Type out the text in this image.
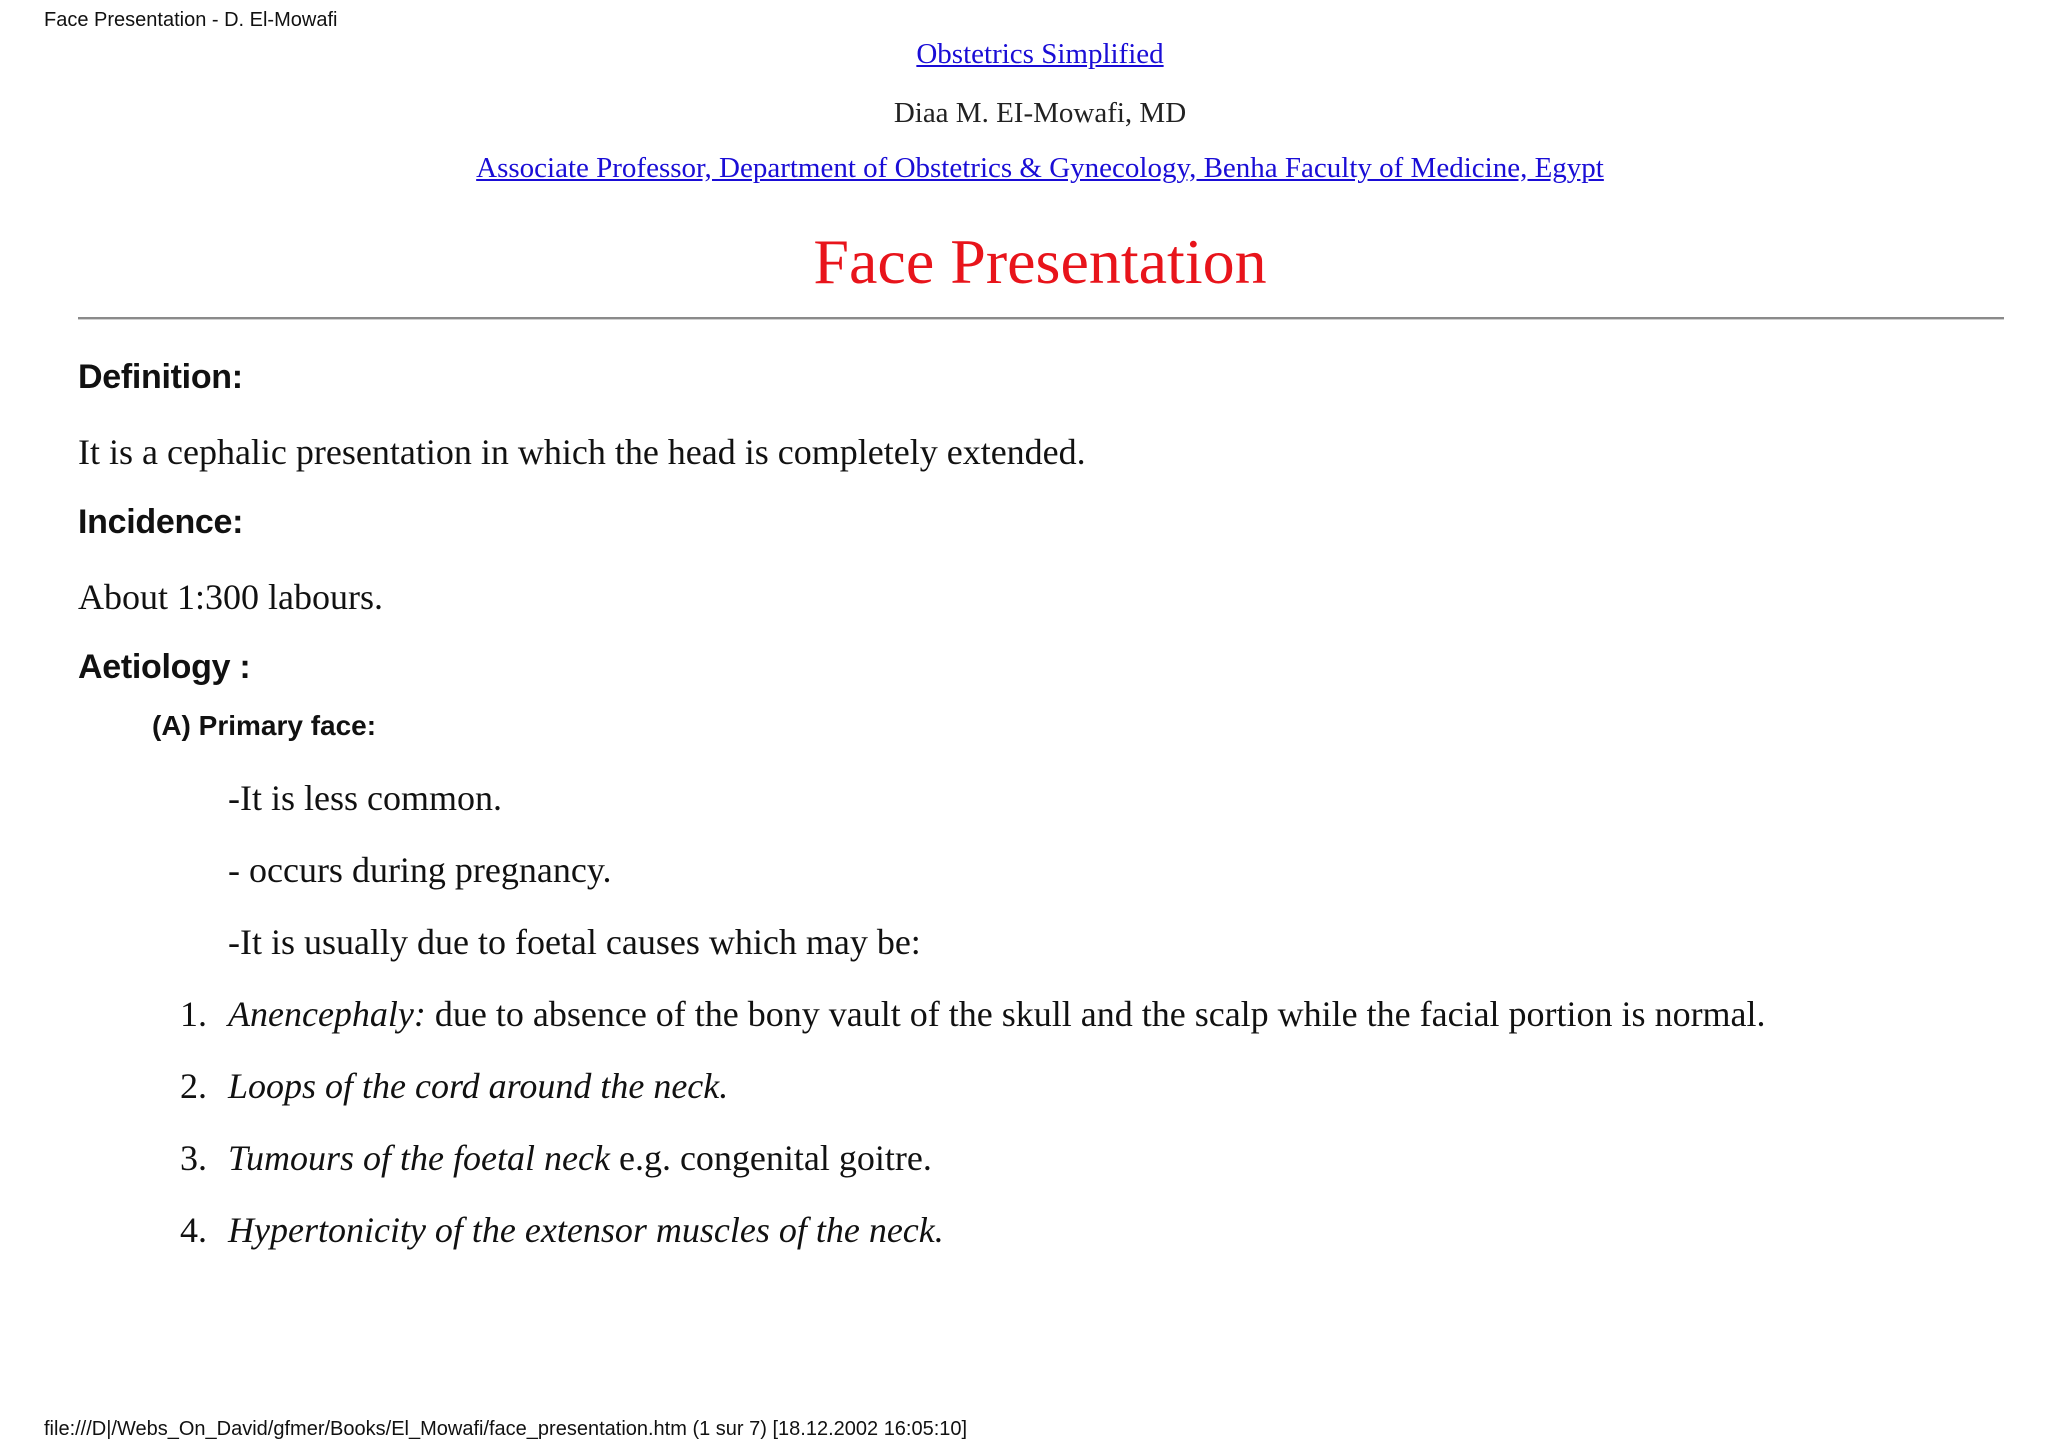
Face Presentation - D. El-Mowafi
Obstetrics Simplified
Diaa M. EI-Mowafi, MD
Associate Professor, Department of Obstetrics & Gynecology, Benha Faculty of Medicine, Egypt
Face Presentation
Definition:
It is a cephalic presentation in which the head is completely extended.
Incidence:
About 1:300 labours.
Aetiology :
(A) Primary face:
-It is less common.
- occurs during pregnancy.
-It is usually due to foetal causes which may be:
1. Anencephaly: due to absence of the bony vault of the skull and the scalp while the facial portion is normal.
2. Loops of the cord around the neck.
3. Tumours of the foetal neck e.g. congenital goitre.
4. Hypertonicity of the extensor muscles of the neck.
file:///D|/Webs_On_David/gfmer/Books/El_Mowafi/face_presentation.htm (1 sur 7) [18.12.2002 16:05:10]
